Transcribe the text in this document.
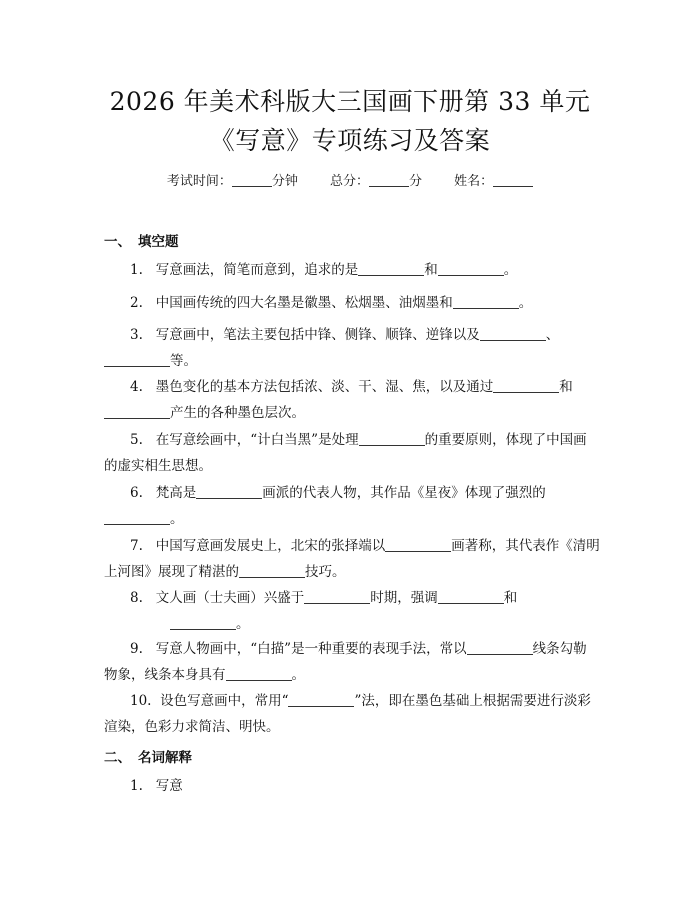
2026 年美术科版大三国画下册第 33 单元
《写意》专项练习及答案
考试时间：	分钟 总分：	分 姓名：
一、 填空题
1. 写意画法，简笔而意到，追求的是	和	。
2. 中国画传统的四大名墨是徽墨、松烟墨、油烟墨和	。
3. 写意画中，笔法主要包括中锋、侧锋、顺锋、逆锋以及	、等。
4. 墨色变化的基本方法包括浓、淡、干、湿、焦，以及通过	和产生的各种墨色层次。
5. 在写意绘画中，“计白当黑”是处理	的重要原则，体现了中国画的虚实相生思想。
6. 梵高是	画派的代表人物，其作品《星夜》体现了强烈的。
7. 中国写意画发展史上，北宋的张择端以	画著称，其代表作《清明上河图》展现了精湛的	技巧。
8. 文人画（士夫画）兴盛于	时期，强调	和。
9. 写意人物画中，“白描”是一种重要的表现手法，常以	线条勾勒物象，线条本身具有	。
10. 设色写意画中，常用“	”法，即在墨色基础上根据需要进行淡彩渲染，色彩力求简洁、明快。
二、 名词解释
1. 写意
